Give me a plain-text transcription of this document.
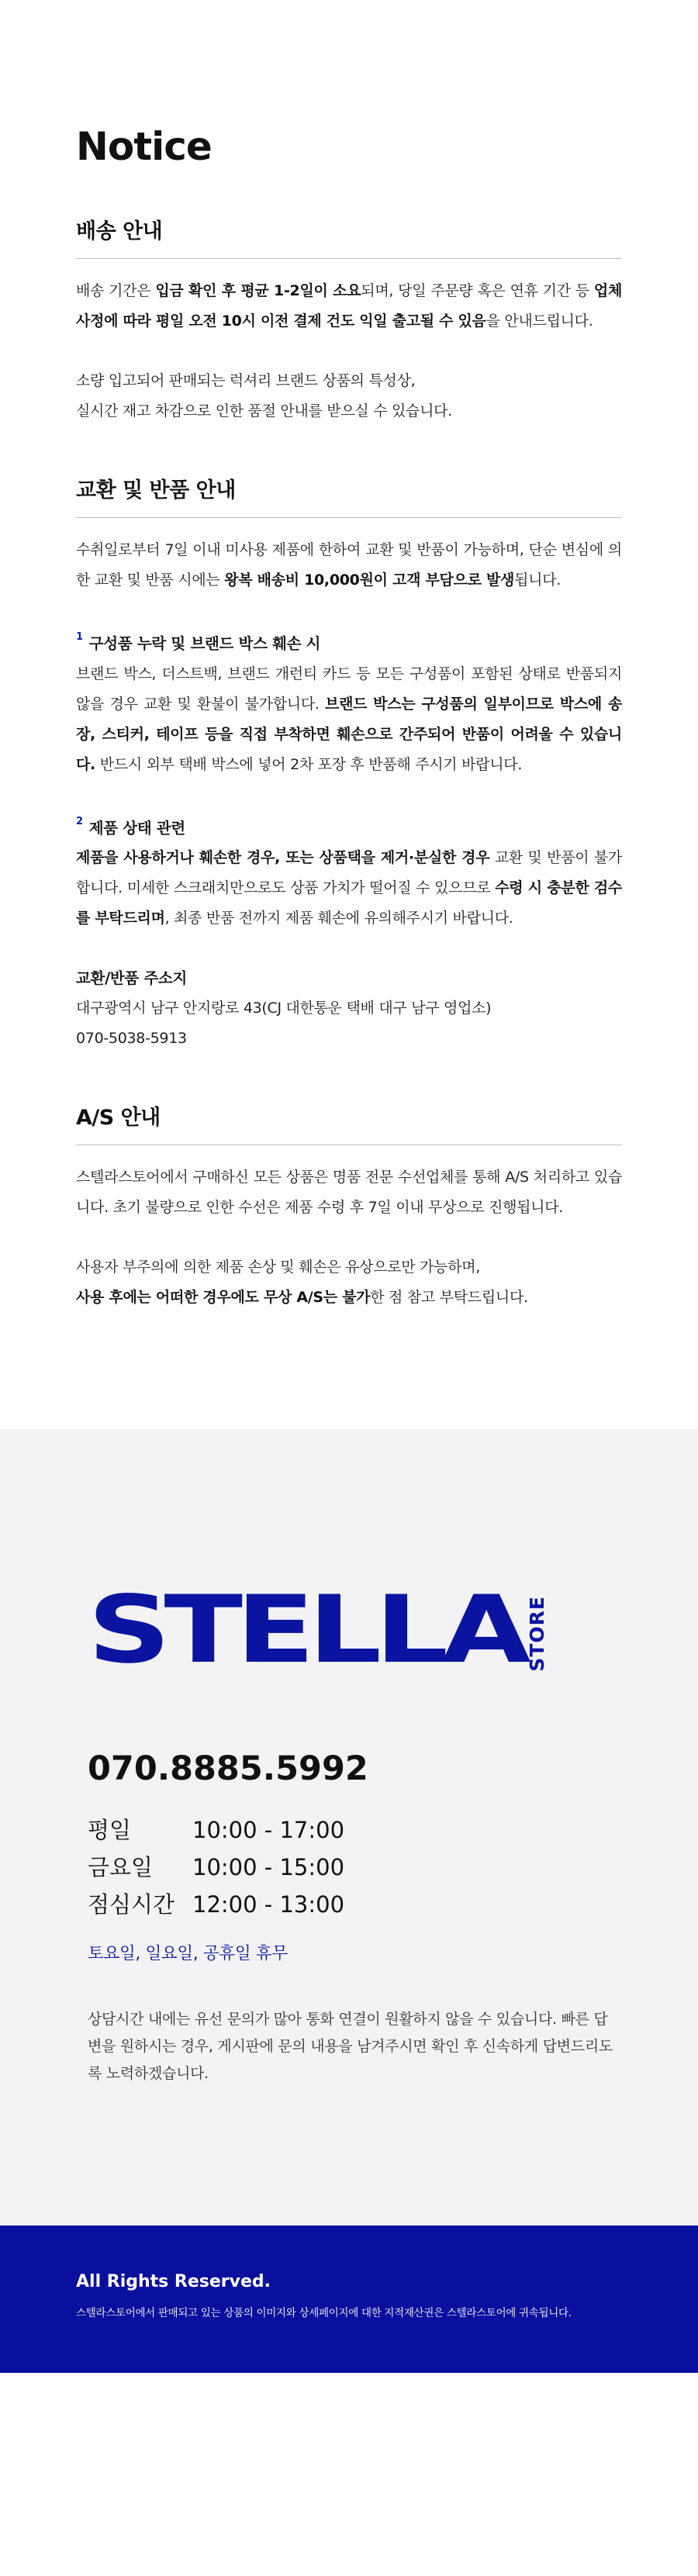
Notice
배송 안내

배송 기간은 입금 확인 후 평균 1-2일이 소요되며, 당일 주문량 혹은 연휴 기간 등 업체 사정에 따라 평일 오전 10시 이전 결제 건도 익일 출고될 수 있음을 안내드립니다.

소량 입고되어 판매되는 럭셔리 브랜드 상품의 특성상,
실시간 재고 차감으로 인한 품절 안내를 받으실 수 있습니다.

교환 및 반품 안내

수취일로부터 7일 이내 미사용 제품에 한하여 교환 및 반품이 가능하며, 단순 변심에 의한 교환 및 반품 시에는 왕복 배송비 10,000원이 고객 부담으로 발생됩니다.

$^1$ 구성품 누락 및 브랜드 박스 훼손 시

브랜드 박스, 더스트백, 브랜드 개런티 카드 등 모든 구성품이 포함된 상태로 반품되지 않을 경우 교환 및 환불이 불가합니다. 브랜드 박스는 구성품의 일부이므로 박스에 송장, 스티커, 테이프 등을 직접 부착하면 훼손으로 간주되어 반품이 어려울 수 있습니다. 반드시 외부 택배 박스에 넣어 2차 포장 후 반품해 주시기 바랍니다.

$^2$ 제품 상태 관련

제품을 사용하거나 훼손한 경우, 또는 상품택을 제거·분실한 경우 교환 및 반품이 불가합니다. 미세한 스크래치만으로도 상품 가치가 떨어질 수 있으므로 수령 시 충분한 검수를 부탁드리며, 최종 반품 전까지 제품 훼손에 유의해주시기 바랍니다.

교환/반품 주소지

대구광역시 남구 안지랑로 43(CJ 대한통운 택배 대구 남구 영업소)
070-5038-5913

A/S 안내

스텔라스토어에서 구매하신 모든 상품은 명품 전문 수선업체를 통해 A/S 처리하고 있습니다. 초기 불량으로 인한 수선은 제품 수령 후 7일 이내 무상으로 진행됩니다.

사용자 부주의에 의한 제품 손상 및 훼손은 유상으로만 가능하며,
사용 후에는 어떠한 경우에도 무상 A/S는 불가한 점 참고 부탁드립니다.

STELLA STORE
070.8885.5992
평일	10:00 - 17:00
금요일	10:00 - 15:00
점심시간 12:00 - 13:00
토요일, 일요일, 공휴일 휴무

상담시간 내에는 유선 문의가 많아 통화 연결이 원활하지 않을 수 있습니다. 빠른 답변을 원하시는 경우, 게시판에 문의 내용을 남겨주시면 확인 후 신속하게 답변드리도록 노력하겠습니다.

All Rights Reserved.
스텔라스토어에서 판매되고 있는 상품의 이미지와 상세페이지에 대한 지적재산권은 스텔라스토어에 귀속됩니다.
